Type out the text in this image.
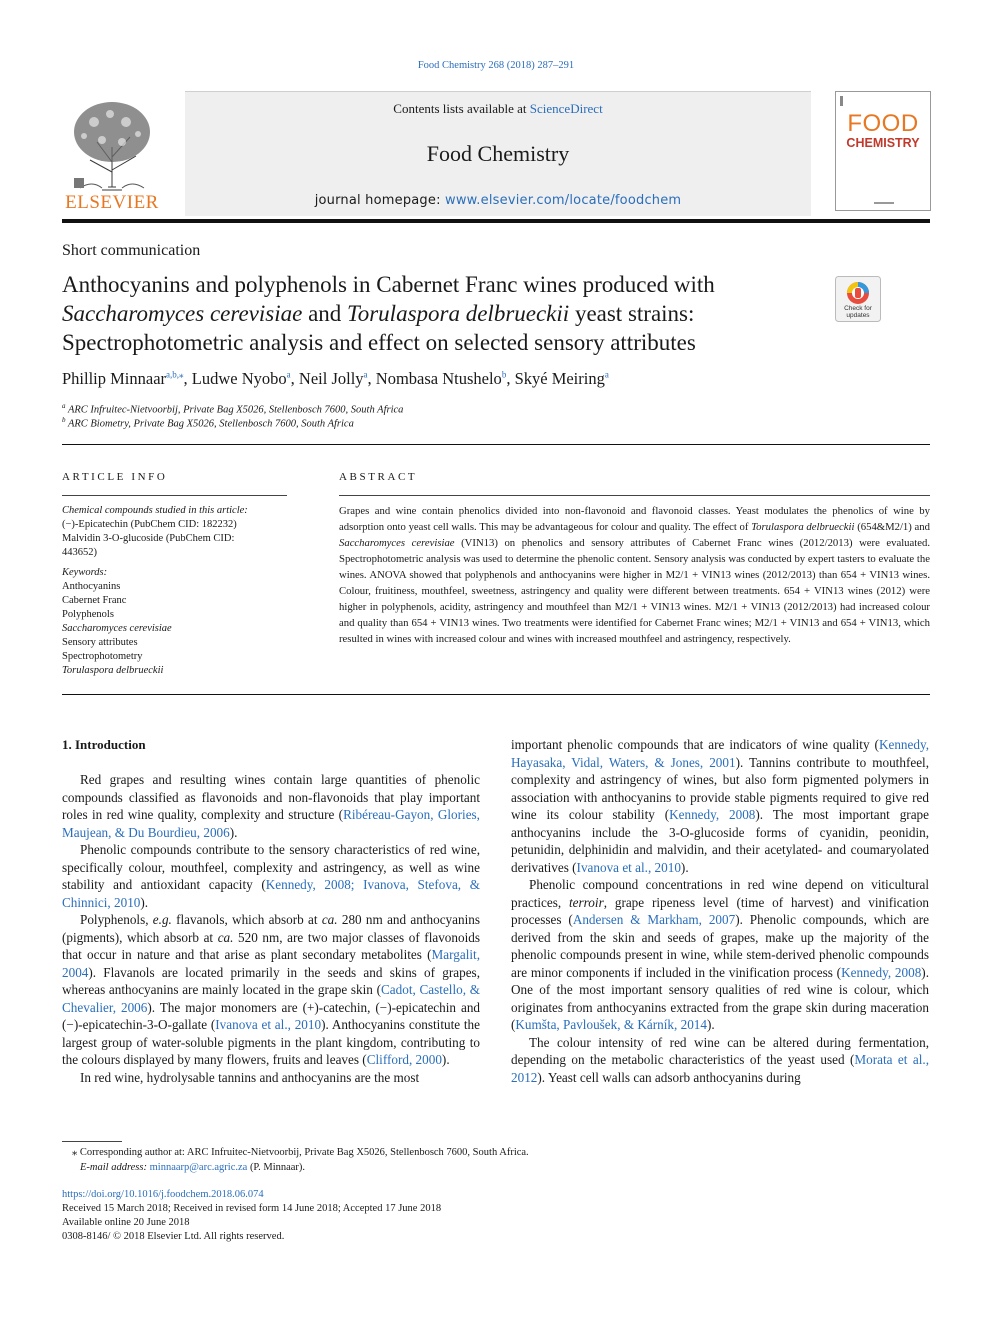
Food Chemistry 268 (2018) 287–291
ELSEVIER
Contents lists available at ScienceDirect
Food Chemistry
journal homepage: www.elsevier.com/locate/foodchem
FOOD
CHEMISTRY
Short communication
Anthocyanins and polyphenols in Cabernet Franc wines produced with
Saccharomyces cerevisiae and Torulaspora delbrueckii yeast strains:
Spectrophotometric analysis and effect on selected sensory attributes
Check for
updates
Phillip Minnaar$^{a,b,⁎}$, Ludwe Nyobo$^a$, Neil Jolly$^a$, Nombasa Ntushelo$^b$, Skyé Meiring$^a$
$^a$ ARC Infruitec-Nietvoorbij, Private Bag X5026, Stellenbosch 7600, South Africa
$^b$ ARC Biometry, Private Bag X5026, Stellenbosch 7600, South Africa
ARTICLE INFO
Chemical compounds studied in this article:
(−)-Epicatechin (PubChem CID: 182232)
Malvidin 3-O-glucoside (PubChem CID:
443652)
Keywords:
Anthocyanins
Cabernet Franc
Polyphenols
Saccharomyces cerevisiae
Sensory attributes
Spectrophotometry
Torulaspora delbrueckii
ABSTRACT
Grapes and wine contain phenolics divided into non-flavonoid and flavonoid classes. Yeast modulates the phenolics of wine by adsorption onto yeast cell walls. This may be advantageous for colour and quality. The effect of Torulaspora delbrueckii (654&M2/1) and Saccharomyces cerevisiae (VIN13) on phenolics and sensory attributes of Cabernet Franc wines (2012/2013) were evaluated. Spectrophotometric analysis was used to determine the phenolic content. Sensory analysis was conducted by expert tasters to evaluate the wines. ANOVA showed that polyphenols and anthocyanins were higher in M2/1 + VIN13 wines (2012/2013) than 654 + VIN13 wines. Colour, fruitiness, mouthfeel, sweetness, astringency and quality were different between treatments. 654 + VIN13 wines (2012) were higher in polyphenols, acidity, astringency and mouthfeel than M2/1 + VIN13 wines. M2/1 + VIN13 (2012/2013) had increased colour and quality than 654 + VIN13 wines. Two treatments were identified for Cabernet Franc wines; M2/1 + VIN13 and 654 + VIN13, which resulted in wines with increased colour and wines with increased mouthfeel and astringency, respectively.
1. Introduction

Red grapes and resulting wines contain large quantities of phenolic compounds classified as flavonoids and non-flavonoids that play important roles in red wine quality, complexity and structure (Ribéreau-Gayon, Glories, Maujean, & Du Bourdieu, 2006).

Phenolic compounds contribute to the sensory characteristics of red wine, specifically colour, mouthfeel, complexity and astringency, as well as wine stability and antioxidant capacity (Kennedy, 2008; Ivanova, Stefova, & Chinnici, 2010).

Polyphenols, e.g. flavanols, which absorb at ca. 280 nm and anthocyanins (pigments), which absorb at ca. 520 nm, are two major classes of flavonoids that occur in nature and that arise as plant secondary metabolites (Margalit, 2004). Flavanols are located primarily in the seeds and skins of grapes, whereas anthocyanins are mainly located in the grape skin (Cadot, Castello, & Chevalier, 2006). The major monomers are (+)-catechin, (−)-epicatechin and (−)-epicatechin-3-O-gallate (Ivanova et al., 2010). Anthocyanins constitute the largest group of water-soluble pigments in the plant kingdom, contributing to the colours displayed by many flowers, fruits and leaves (Clifford, 2000).

In red wine, hydrolysable tannins and anthocyanins are the most

important phenolic compounds that are indicators of wine quality (Kennedy, Hayasaka, Vidal, Waters, & Jones, 2001). Tannins contribute to mouthfeel, complexity and astringency of wines, but also form pigmented polymers in association with anthocyanins to provide stable pigments required to give red wine its colour stability (Kennedy, 2008). The most important grape anthocyanins include the 3-O-glucoside forms of cyanidin, peonidin, petunidin, delphinidin and malvidin, and their acetylated- and coumaryolated derivatives (Ivanova et al., 2010).

Phenolic compound concentrations in red wine depend on viticultural practices, terroir, grape ripeness level (time of harvest) and vinification processes (Andersen & Markham, 2007). Phenolic compounds, which are derived from the skin and seeds of grapes, make up the majority of the phenolic compounds present in wine, while stem-derived phenolic compounds are minor components if included in the vinification process (Kennedy, 2008). One of the most important sensory qualities of red wine is colour, which originates from anthocyanins extracted from the grape skin during maceration (Kumšta, Pavloušek, & Kárník, 2014).

The colour intensity of red wine can be altered during fermentation, depending on the metabolic characteristics of the yeast used (Morata et al., 2012). Yeast cell walls can adsorb anthocyanins during

⁎ Corresponding author at: ARC Infruitec-Nietvoorbij, Private Bag X5026, Stellenbosch 7600, South Africa.
E-mail address: minnaarp@arc.agric.za (P. Minnaar).
https://doi.org/10.1016/j.foodchem.2018.06.074
Received 15 March 2018; Received in revised form 14 June 2018; Accepted 17 June 2018
Available online 20 June 2018
0308-8146/ © 2018 Elsevier Ltd. All rights reserved.
